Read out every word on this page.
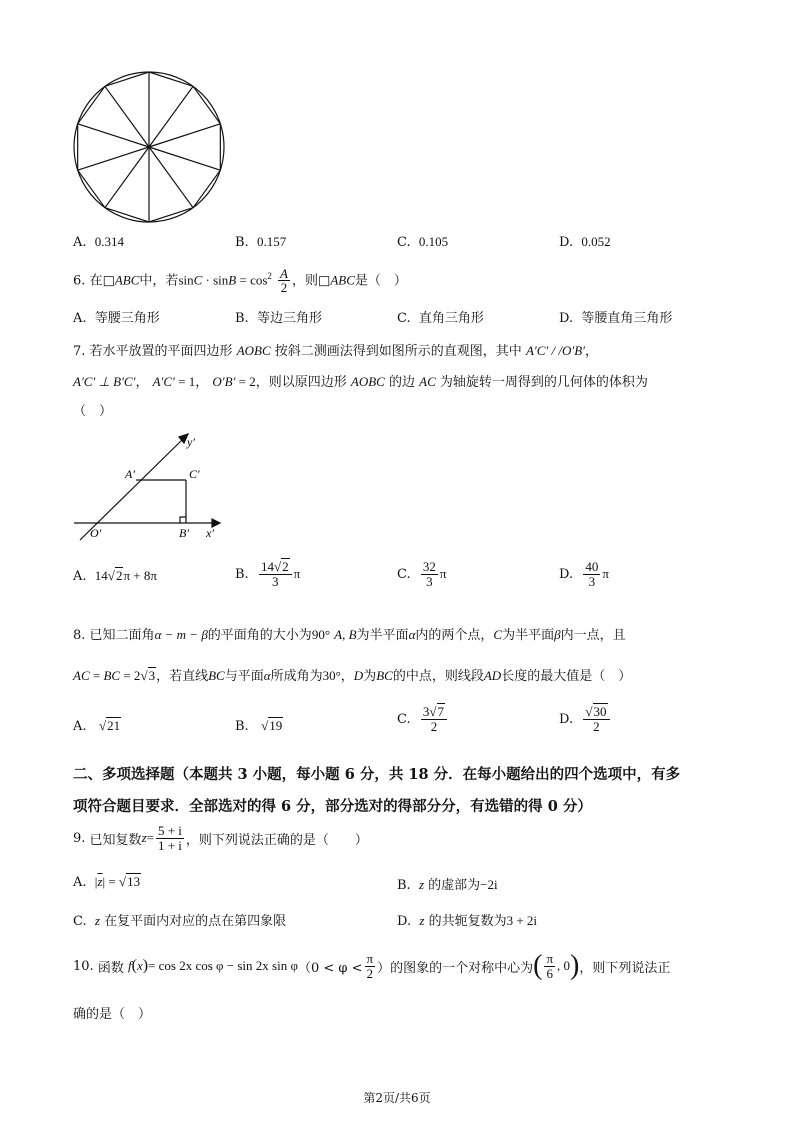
A. 0.314	B. 0.157	C. 0.105	D. 0.052
6. 在□ABC中，若$\sin C \cdot \sin B = \cos^2 \frac{A}{2}$ ，则□ABC是（　）
A. 等腰三角形	B. 等边三角形	C. 直角三角形	D. 等腰直角三角形
7. 若水平放置的平面四边形 AOBC 按斜二测画法得到如图所示的直观图，其中 A′C′ / /O′B′，
A′C′ ⊥ B′C′， A′C′ = 1， O′B′ = 2，则以原四边形 AOBC 的边 AC 为轴旋转一周得到的几何体的体积为
（　）
y′
x′
A′	C′
O′	B′
A.
14 √2 π + 8π	B.
$\frac{14√2}{3}$ π	C.
$\frac{32}{3}$ π	D.
$\frac{40}{3}$ π
8. 已知二面角α − m − β的平面角的大小为90° A, B为半平面α内的两个点，C为半平面β内一点，且
AC = BC = 2√3，若直线BC与平面α所成角为30°，D为BC的中点，则线段AD长度的最大值是（　）
A. √21	B. √19	C.
$\frac{3√7}{2}$	D.
$\frac{√30}{2}$
二、多项选择题（本题共 3 小题，每小题 6 分，共 18 分．在每小题给出的四个选项中，有多
项符合题目要求．全部选对的得 6 分，部分选对的得部分分，有选错的得 0 分）
9.
已知复数 $z = \frac{5 + i}{1 + i}$ ，则下列说法正确的是（　　）
A. $|\overline{z}| = √13$	B. z 的虚部为−2i
C. z 在复平面内对应的点在第四象限	D. z 的共轭复数为3 + 2i
10.
函数
f ( x ) = cos 2x cos φ − sin 2x sin φ （$0 < \varphi < \frac{\pi}{2}$ ） 的图象的一个对称中心为 ( $\frac{\pi}{6}$ , 0 ) ，则下列说法正
确的是（　）
第2页/共6页
